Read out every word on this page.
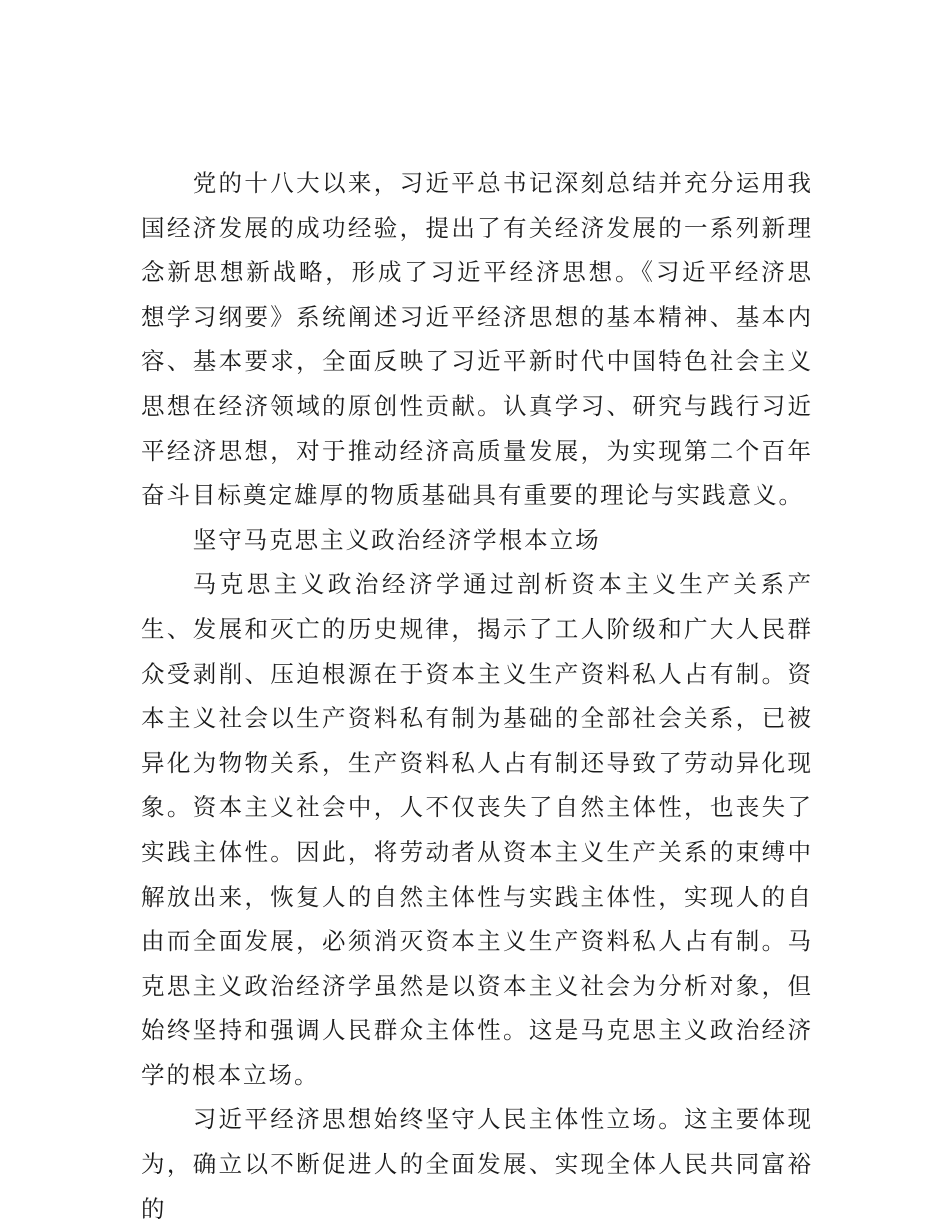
党的十八大以来，习近平总书记深刻总结并充分运用我国经济发展的成功经验，提出了有关经济发展的一系列新理念新思想新战略，形成了习近平经济思想。《习近平经济思想学习纲要》系统阐述习近平经济思想的基本精神、基本内容、基本要求，全面反映了习近平新时代中国特色社会主义思想在经济领域的原创性贡献。认真学习、研究与践行习近平经济思想，对于推动经济高质量发展，为实现第二个百年奋斗目标奠定雄厚的物质基础具有重要的理论与实践意义。

坚守马克思主义政治经济学根本立场

马克思主义政治经济学通过剖析资本主义生产关系产生、发展和灭亡的历史规律，揭示了工人阶级和广大人民群众受剥削、压迫根源在于资本主义生产资料私人占有制。资本主义社会以生产资料私有制为基础的全部社会关系，已被异化为物物关系，生产资料私人占有制还导致了劳动异化现象。资本主义社会中，人不仅丧失了自然主体性，也丧失了实践主体性。因此，将劳动者从资本主义生产关系的束缚中解放出来，恢复人的自然主体性与实践主体性，实现人的自由而全面发展，必须消灭资本主义生产资料私人占有制。马克思主义政治经济学虽然是以资本主义社会为分析对象，但始终坚持和强调人民群众主体性。这是马克思主义政治经济学的根本立场。

习近平经济思想始终坚守人民主体性立场。这主要体现为，确立以不断促进人的全面发展、实现全体人民共同富裕的
